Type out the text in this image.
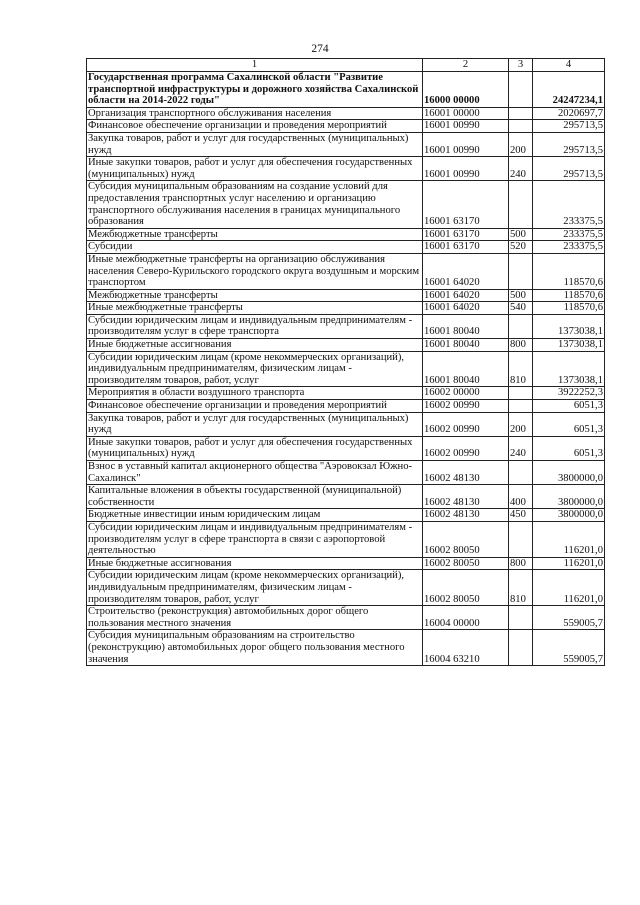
274
1	2	3	4
Государственная программа Сахалинской области "Развитие транспортной инфраструктуры и дорожного хозяйства Сахалинской области на 2014-2022 годы"	16000 00000		24247234,1
Организация транспортного обслуживания населения	16001 00000		2020697,7
Финансовое обеспечение организации и проведения мероприятий	16001 00990		295713,5
Закупка товаров, работ и услуг для государственных (муниципальных) нужд	16001 00990	200	295713,5
Иные закупки товаров, работ и услуг для обеспечения государственных (муниципальных) нужд	16001 00990	240	295713,5
Субсидия муниципальным образованиям на создание условий для предоставления транспортных услуг населению и организацию транспортного обслуживания населения в границах муниципального образования	16001 63170		233375,5
Межбюджетные трансферты	16001 63170	500	233375,5
Субсидии	16001 63170	520	233375,5
Иные межбюджетные трансферты на организацию обслуживания населения Северо-Курильского городского округа воздушным и морским транспортом	16001 64020		118570,6
Межбюджетные трансферты	16001 64020	500	118570,6
Иные межбюджетные трансферты	16001 64020	540	118570,6
Субсидии юридическим лицам и индивидуальным предпринимателям - производителям услуг в сфере транспорта	16001 80040		1373038,1
Иные бюджетные ассигнования	16001 80040	800	1373038,1
Субсидии юридическим лицам (кроме некоммерческих организаций), индивидуальным предпринимателям, физическим лицам - производителям товаров, работ, услуг	16001 80040	810	1373038,1
Мероприятия в области воздушного транспорта	16002 00000		3922252,3
Финансовое обеспечение организации и проведения мероприятий	16002 00990		6051,3
Закупка товаров, работ и услуг для государственных (муниципальных) нужд	16002 00990	200	6051,3
Иные закупки товаров, работ и услуг для обеспечения государственных (муниципальных) нужд	16002 00990	240	6051,3
Взнос в уставный капитал акционерного общества "Аэровокзал Южно-Сахалинск"	16002 48130		3800000,0
Капитальные вложения в объекты государственной (муниципальной) собственности	16002 48130	400	3800000,0
Бюджетные инвестиции иным юридическим лицам	16002 48130	450	3800000,0
Субсидии юридическим лицам и индивидуальным предпринимателям - производителям услуг в сфере транспорта в связи с аэропортовой деятельностью	16002 80050		116201,0
Иные бюджетные ассигнования	16002 80050	800	116201,0
Субсидии юридическим лицам (кроме некоммерческих организаций), индивидуальным предпринимателям, физическим лицам - производителям товаров, работ, услуг	16002 80050	810	116201,0
Строительство (реконструкция) автомобильных дорог общего пользования местного значения	16004 00000		559005,7
Субсидия муниципальным образованиям на строительство (реконструкцию) автомобильных дорог общего пользования местного значения	16004 63210		559005,7
